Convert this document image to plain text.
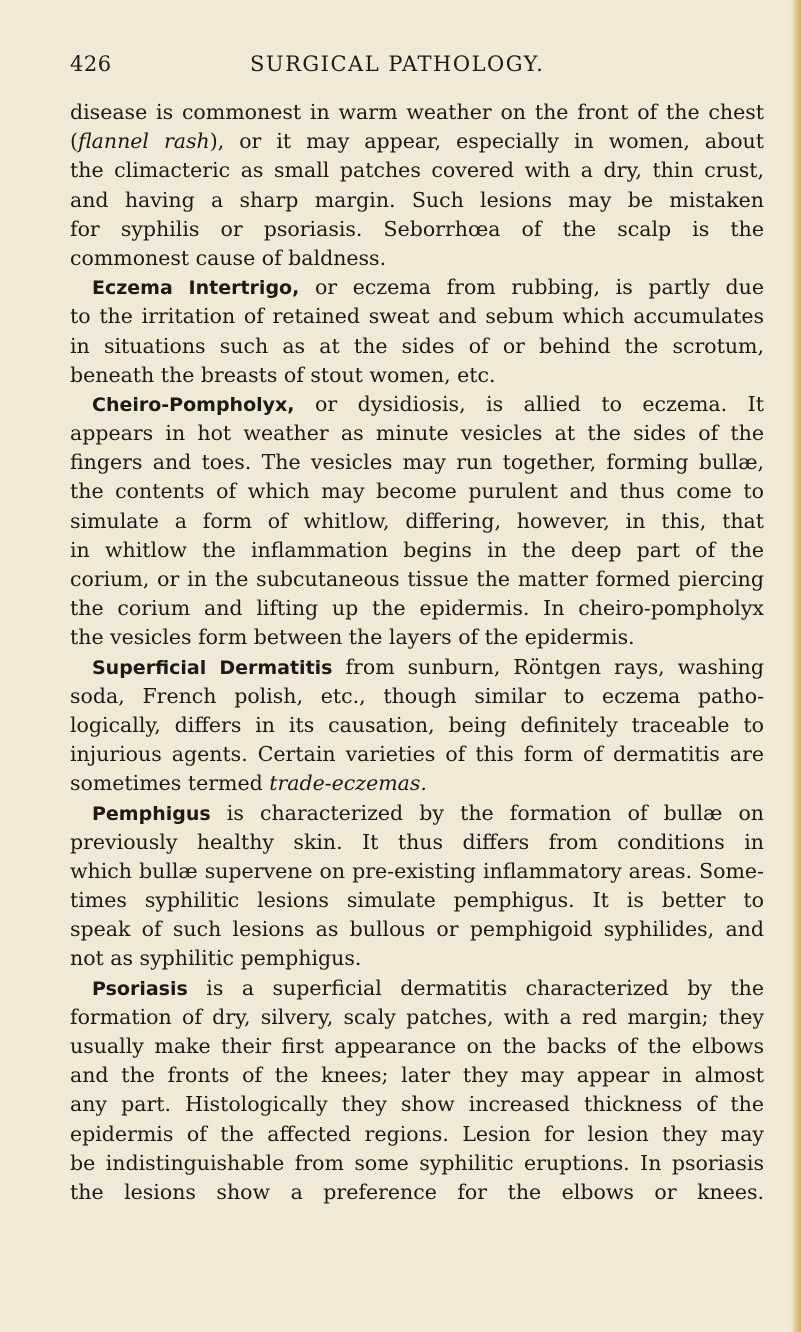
426	SURGICAL PATHOLOGY.
disease is commonest in warm weather on the front of the chest
(flannel rash), or it may appear, especially in women, about
the climacteric as small patches covered with a dry, thin crust,
and having a sharp margin. Such lesions may be mistaken
for syphilis or psoriasis. Seborrhœa of the scalp is the
commonest cause of baldness.
Eczema Intertrigo, or eczema from rubbing, is partly due
to the irritation of retained sweat and sebum which accumulates
in situations such as at the sides of or behind the scrotum,
beneath the breasts of stout women, etc.
Cheiro-Pompholyx, or dysidiosis, is allied to eczema. It
appears in hot weather as minute vesicles at the sides of the
fingers and toes. The vesicles may run together, forming bullæ,
the contents of which may become purulent and thus come to
simulate a form of whitlow, differing, however, in this, that
in whitlow the inflammation begins in the deep part of the
corium, or in the subcutaneous tissue the matter formed piercing
the corium and lifting up the epidermis. In cheiro-pompholyx
the vesicles form between the layers of the epidermis.
Superficial Dermatitis from sunburn, Röntgen rays, washing
soda, French polish, etc., though similar to eczema patho-
logically, differs in its causation, being definitely traceable to
injurious agents. Certain varieties of this form of dermatitis are
sometimes termed trade-eczemas.
Pemphigus is characterized by the formation of bullæ on
previously healthy skin. It thus differs from conditions in
which bullæ supervene on pre-existing inflammatory areas. Some-
times syphilitic lesions simulate pemphigus. It is better to
speak of such lesions as bullous or pemphigoid syphilides, and
not as syphilitic pemphigus.
Psoriasis is a superficial dermatitis characterized by the
formation of dry, silvery, scaly patches, with a red margin; they
usually make their first appearance on the backs of the elbows
and the fronts of the knees; later they may appear in almost
any part. Histologically they show increased thickness of the
epidermis of the affected regions. Lesion for lesion they may
be indistinguishable from some syphilitic eruptions. In psoriasis
the lesions show a preference for the elbows or knees.
